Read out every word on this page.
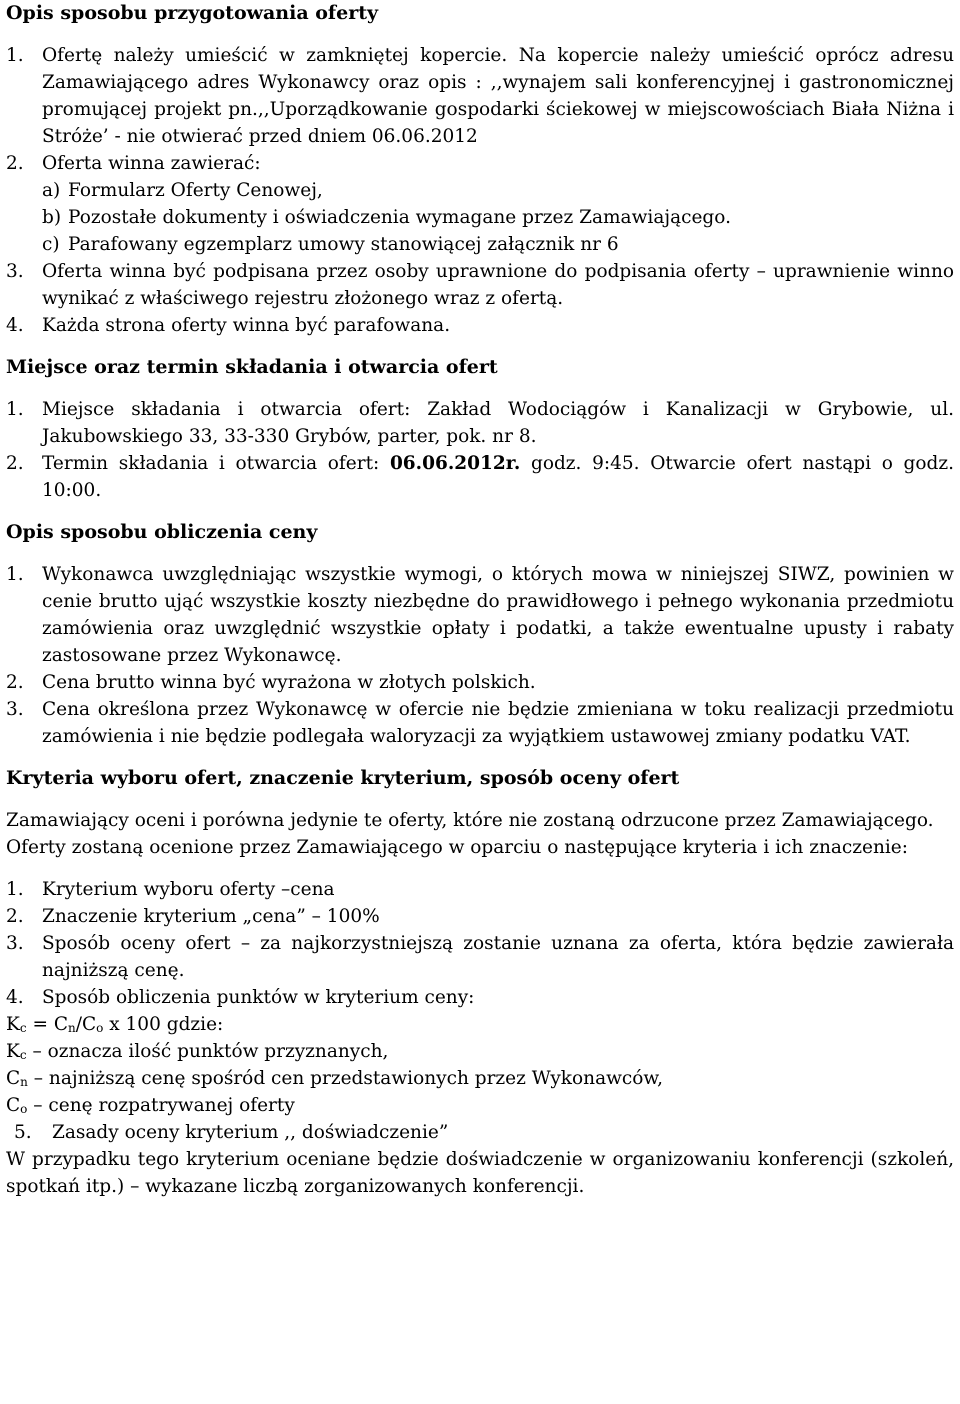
Opis sposobu przygotowania oferty
1. Ofertę należy umieścić w zamkniętej kopercie. Na kopercie należy umieścić oprócz adresu Zamawiającego adres Wykonawcy oraz opis : ,,wynajem sali konferencyjnej i gastronomicznej promującej projekt pn.,,Uporządkowanie gospodarki ściekowej w miejscowościach Biała Niżna i Stróże’ - nie otwierać przed dniem 06.06.2012
2. Oferta winna zawierać:
a) Formularz Oferty Cenowej,
b) Pozostałe dokumenty i oświadczenia wymagane przez Zamawiającego.
c) Parafowany egzemplarz umowy stanowiącej załącznik nr 6
3. Oferta winna być podpisana przez osoby uprawnione do podpisania oferty – uprawnienie winno wynikać z właściwego rejestru złożonego wraz z ofertą.
4. Każda strona oferty winna być parafowana.
Miejsce oraz termin składania i otwarcia ofert
1. Miejsce składania i otwarcia ofert: Zakład Wodociągów i Kanalizacji w Grybowie, ul. Jakubowskiego 33, 33-330 Grybów, parter, pok. nr 8.
2. Termin składania i otwarcia ofert: 06.06.2012r. godz. 9:45. Otwarcie ofert nastąpi o godz. 10:00.
Opis sposobu obliczenia ceny
1. Wykonawca uwzględniając wszystkie wymogi, o których mowa w niniejszej SIWZ, powinien w cenie brutto ująć wszystkie koszty niezbędne do prawidłowego i pełnego wykonania przedmiotu zamówienia oraz uwzględnić wszystkie opłaty i podatki, a także ewentualne upusty i rabaty zastosowane przez Wykonawcę.
2. Cena brutto winna być wyrażona w złotych polskich.
3. Cena określona przez Wykonawcę w ofercie nie będzie zmieniana w toku realizacji przedmiotu zamówienia i nie będzie podlegała waloryzacji za wyjątkiem ustawowej zmiany podatku VAT.
Kryteria wyboru ofert, znaczenie kryterium, sposób oceny ofert

Zamawiający oceni i porówna jedynie te oferty, które nie zostaną odrzucone przez Zamawiającego.

Oferty zostaną ocenione przez Zamawiającego w oparciu o następujące kryteria i ich znaczenie:

1. Kryterium wyboru oferty –cena
2. Znaczenie kryterium „cena” – 100%
3. Sposób oceny ofert – za najkorzystniejszą zostanie uznana za oferta, która będzie zawierała najniższą cenę.
4. Sposób obliczenia punktów w kryterium ceny:

$K_c = C_n/C_o$ x 100 gdzie:

$K_c$ – oznacza ilość punktów przyznanych,

$C_n$ – najniższą cenę spośród cen przedstawionych przez Wykonawców,

$C_o$ – cenę rozpatrywanej oferty

5. Zasady oceny kryterium ,, doświadczenie”

W przypadku tego kryterium oceniane będzie doświadczenie w organizowaniu konferencji (szkoleń, spotkań itp.) – wykazane liczbą zorganizowanych konferencji.
